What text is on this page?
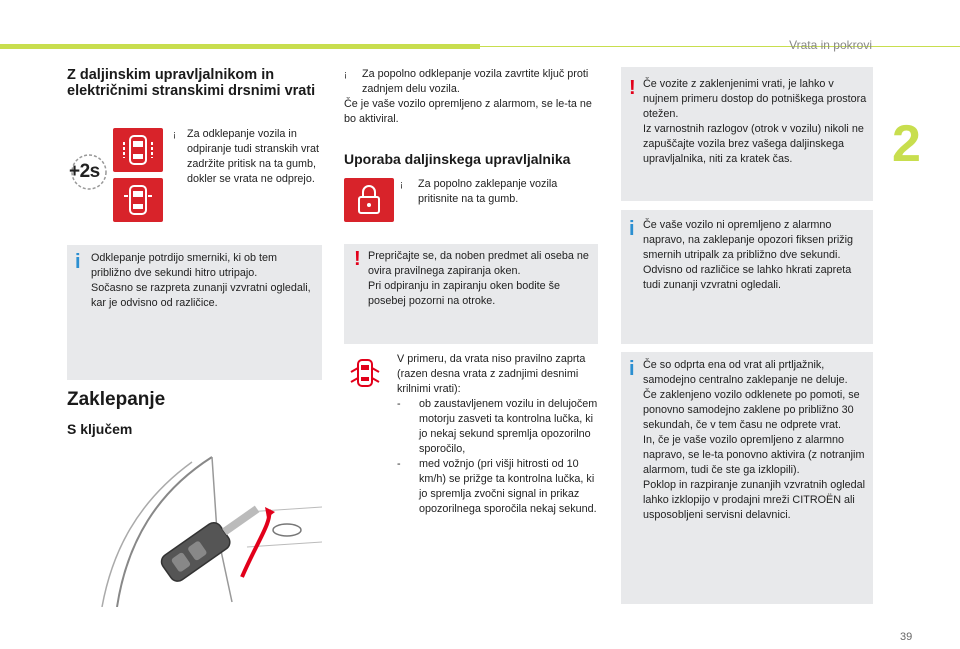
Vrata in pokrovi
2
39
Z daljinskim upravljalnikom in električnimi stranskimi drsnimi vrati
+2s
¡	Za odklepanje vozila in odpiranje tudi stranskih vrat zadržite pritisk na ta gumb, dokler se vrata ne odprejo.
i Odklepanje potrdijo smerniki, ki ob tem približno dve sekundi hitro utripajo.
Sočasno se razpreta zunanji vzvratni ogledali, kar je odvisno od različice.
Zaklepanje
S ključem
¡	Za popolno odklepanje vozila zavrtite ključ proti zadnjem delu vozila.
Če je vaše vozilo opremljeno z alarmom, se le-ta ne bo aktiviral.
Uporaba daljinskega upravljalnika
¡	Za popolno zaklepanje vozila pritisnite na ta gumb.
! Prepričajte se, da noben predmet ali oseba ne ovira pravilnega zapiranja oken.
Pri odpiranju in zapiranju oken bodite še posebej pozorni na otroke.
V primeru, da vrata niso pravilno zaprta (razen desna vrata z zadnjimi desnimi krilnimi vrati):
-	ob zaustavljenem vozilu in delujočem motorju zasveti ta kontrolna lučka, ki jo nekaj sekund spremlja opozorilno sporočilo,
-	med vožnjo (pri višji hitrosti od 10 km/h) se prižge ta kontrolna lučka, ki jo spremlja zvočni signal in prikaz opozorilnega sporočila nekaj sekund.
! Če vozite z zaklenjenimi vrati, je lahko v nujnem primeru dostop do potniškega prostora otežen.
Iz varnostnih razlogov (otrok v vozilu) nikoli ne zapuščajte vozila brez vašega daljinskega upravljalnika, niti za kratek čas.
i Če vaše vozilo ni opremljeno z alarmno napravo, na zaklepanje opozori fiksen prižig smernih utripalk za približno dve sekundi.
Odvisno od različice se lahko hkrati zapreta tudi zunanji vzvratni ogledali.
i Če so odprta ena od vrat ali prtljažnik, samodejno centralno zaklepanje ne deluje.
Če zaklenjeno vozilo odklenete po pomoti, se ponovno samodejno zaklene po približno 30 sekundah, če v tem času ne odprete vrat.
In, če je vaše vozilo opremljeno z alarmno napravo, se le-ta ponovno aktivira (z notranjim alarmom, tudi če ste ga izklopili).
Poklop in razpiranje zunanjih vzvratnih ogledal lahko izklopijo v prodajni mreži CITROËN ali usposobljeni servisni delavnici.
